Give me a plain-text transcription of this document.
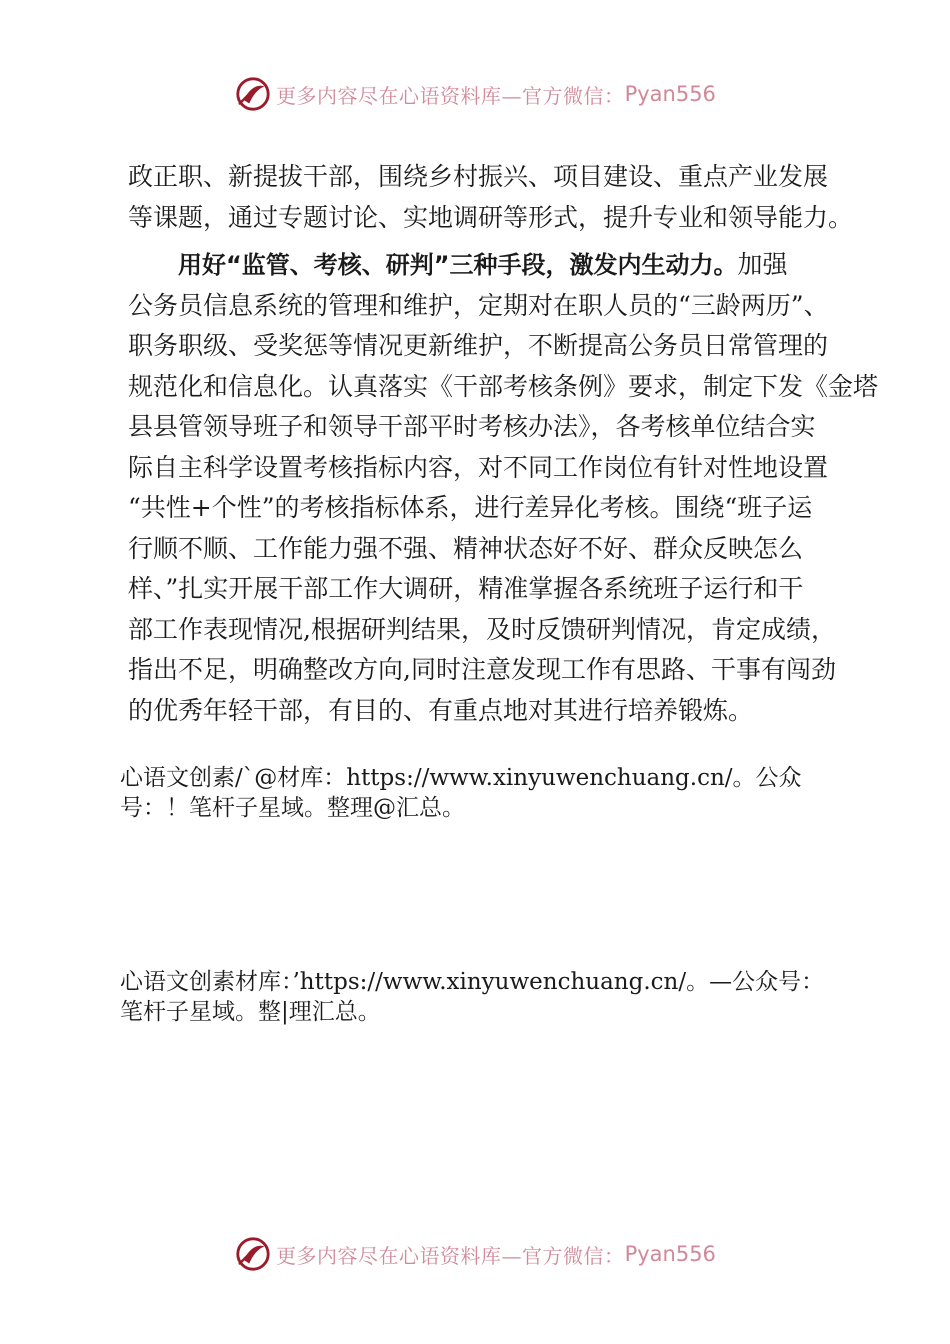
更多内容尽在心语资料库—官方微信： Pyan556
政正职、新提拔干部，围绕乡村振兴、项目建设、重点产业发展
等课题，通过专题讨论、实地调研等形式，提升专业和领导能力。
用好“监管、考核、研判”三种手段，激发内生动力。加强
公务员信息系统的管理和维护，定期对在职人员的“三龄两历”、
职务职级、受奖惩等情况更新维护，不断提高公务员日常管理的
规范化和信息化。认真落实《干部考核条例》要求，制定下发《金塔
县县管领导班子和领导干部平时考核办法》，各考核单位结合实
际自主科学设置考核指标内容，对不同工作岗位有针对性地设置
“共性+个性”的考核指标体系，进行差异化考核。围绕“班子运
行顺不顺、工作能力强不强、精神状态好不好、群众反映怎么
样、”扎实开展干部工作大调研，精准掌握各系统班子运行和干
部工作表现情况,根据研判结果，及时反馈研判情况，肯定成绩，
指出不足，明确整改方向,同时注意发现工作有思路、干事有闯劲
的优秀年轻干部，有目的、有重点地对其进行培养锻炼。
心语文创素/`@材库：https://www.xinyuwenchuang.cn/。公众
号：！笔杆子星域。整理@汇总。
心语文创素材库：’https://www.xinyuwenchuang.cn/。—公众号：
笔杆子星域。整|理汇总。
更多内容尽在心语资料库—官方微信： Pyan556
